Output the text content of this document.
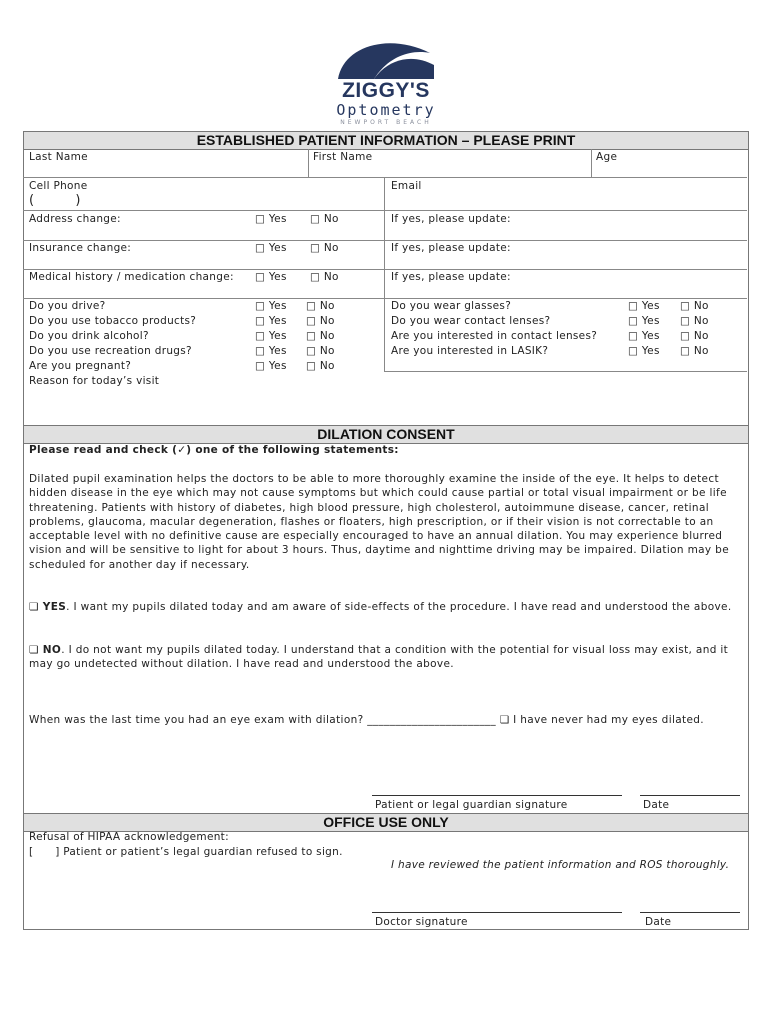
ZIGGY'S
Optometry
NEWPORT BEACH
ESTABLISHED PATIENT INFORMATION – PLEASE PRINT
Last Name	First Name	Age
Cell Phone
(          )
Email
Address change:	□ Yes □ No	If yes, please update:
Insurance change:	□ Yes □ No	If yes, please update:
Medical history / medication change: □ Yes □ No	If yes, please update:
Do you drive?	□ Yes □ No
Do you use tobacco products?	□ Yes □ No
Do you drink alcohol?	□ Yes □ No
Do you use recreation drugs?	□ Yes □ No
Are you pregnant?	□ Yes □ No
Reason for today’s visit
Do you wear glasses?	□ Yes □ No
Do you wear contact lenses?	□ Yes □ No
Are you interested in contact lenses?	□ Yes □ No
Are you interested in LASIK?	□ Yes □ No
DILATION CONSENT
Please read and check (✓) one of the following statements:
Dilated pupil examination helps the doctors to be able to more thoroughly examine the inside of the eye. It helps to detect hidden disease in the eye which may not cause symptoms but which could cause partial or total visual impairment or be life threatening. Patients with history of diabetes, high blood pressure, high cholesterol, autoimmune disease, cancer, retinal problems, glaucoma, macular degeneration, flashes or floaters, high prescription, or if their vision is not correctable to an acceptable level with no definitive cause are especially encouraged to have an annual dilation. You may experience blurred vision and will be sensitive to light for about 3 hours. Thus, daytime and nighttime driving may be impaired. Dilation may be scheduled for another day if necessary.
❏ YES. I want my pupils dilated today and am aware of side-effects of the procedure. I have read and understood the above.
❏ NO. I do not want my pupils dilated today. I understand that a condition with the potential for visual loss may exist, and it may go undetected without dilation. I have read and understood the above.
When was the last time you had an eye exam with dilation? _______________________ ❏ I have never had my eyes dilated.
Patient or legal guardian signature	Date
OFFICE USE ONLY
Refusal of HIPAA acknowledgement:
[      ] Patient or patient’s legal guardian refused to sign.
I have reviewed the patient information and ROS thoroughly.
Doctor signature	Date
